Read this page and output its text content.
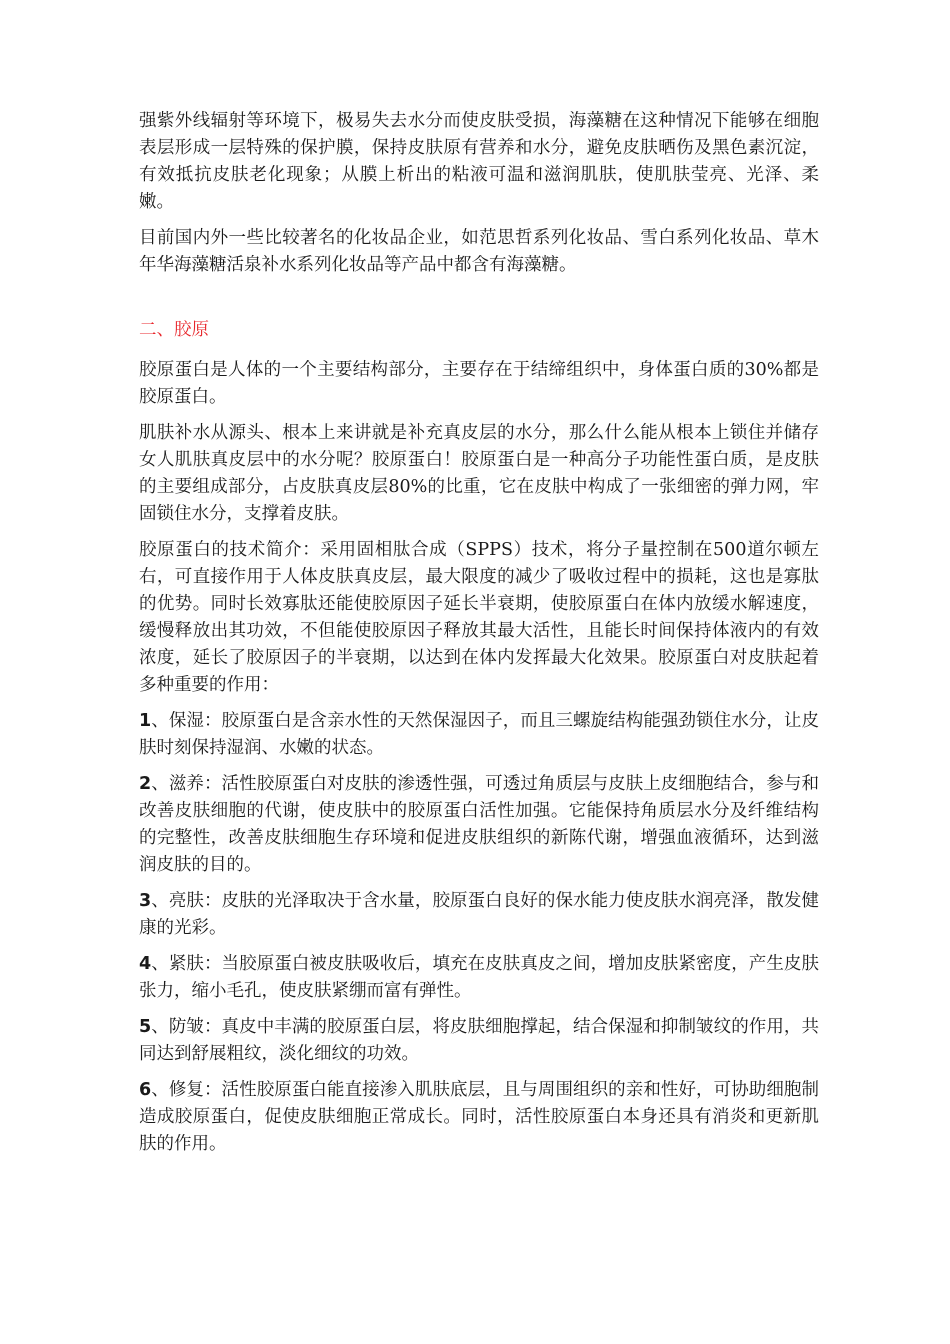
强紫外线辐射等环境下，极易失去水分而使皮肤受损，海藻糖在这种情况下能够在细胞表层形成一层特殊的保护膜，保持皮肤原有营养和水分，避免皮肤晒伤及黑色素沉淀，有效抵抗皮肤老化现象；从膜上析出的粘液可温和滋润肌肤，使肌肤莹亮、光泽、柔嫩。

目前国内外一些比较著名的化妆品企业，如范思哲系列化妆品、雪白系列化妆品、草木年华海藻糖活泉补水系列化妆品等产品中都含有海藻糖。

二、胶原

胶原蛋白是人体的一个主要结构部分，主要存在于结缔组织中，身体蛋白质的30%都是胶原蛋白。

肌肤补水从源头、根本上来讲就是补充真皮层的水分，那么什么能从根本上锁住并储存女人肌肤真皮层中的水分呢？胶原蛋白！胶原蛋白是一种高分子功能性蛋白质，是皮肤的主要组成部分，占皮肤真皮层80%的比重，它在皮肤中构成了一张细密的弹力网，牢固锁住水分，支撑着皮肤。

胶原蛋白的技术简介：采用固相肽合成（SPPS）技术，将分子量控制在500道尔顿左右，可直接作用于人体皮肤真皮层，最大限度的减少了吸收过程中的损耗，这也是寡肽的优势。同时长效寡肽还能使胶原因子延长半衰期，使胶原蛋白在体内放缓水解速度，缓慢释放出其功效，不但能使胶原因子释放其最大活性，且能长时间保持体液内的有效浓度，延长了胶原因子的半衰期，以达到在体内发挥最大化效果。胶原蛋白对皮肤起着多种重要的作用：

1、保湿：胶原蛋白是含亲水性的天然保湿因子，而且三螺旋结构能强劲锁住水分，让皮肤时刻保持湿润、水嫩的状态。

2、滋养：活性胶原蛋白对皮肤的渗透性强，可透过角质层与皮肤上皮细胞结合，参与和改善皮肤细胞的代谢，使皮肤中的胶原蛋白活性加强。它能保持角质层水分及纤维结构的完整性，改善皮肤细胞生存环境和促进皮肤组织的新陈代谢，增强血液循环，达到滋润皮肤的目的。

3、亮肤：皮肤的光泽取决于含水量，胶原蛋白良好的保水能力使皮肤水润亮泽，散发健康的光彩。

4、紧肤：当胶原蛋白被皮肤吸收后，填充在皮肤真皮之间，增加皮肤紧密度，产生皮肤张力，缩小毛孔，使皮肤紧绷而富有弹性。

5、防皱：真皮中丰满的胶原蛋白层，将皮肤细胞撑起，结合保湿和抑制皱纹的作用，共同达到舒展粗纹，淡化细纹的功效。

6、修复：活性胶原蛋白能直接渗入肌肤底层，且与周围组织的亲和性好，可协助细胞制造成胶原蛋白，促使皮肤细胞正常成长。同时，活性胶原蛋白本身还具有消炎和更新肌肤的作用。
